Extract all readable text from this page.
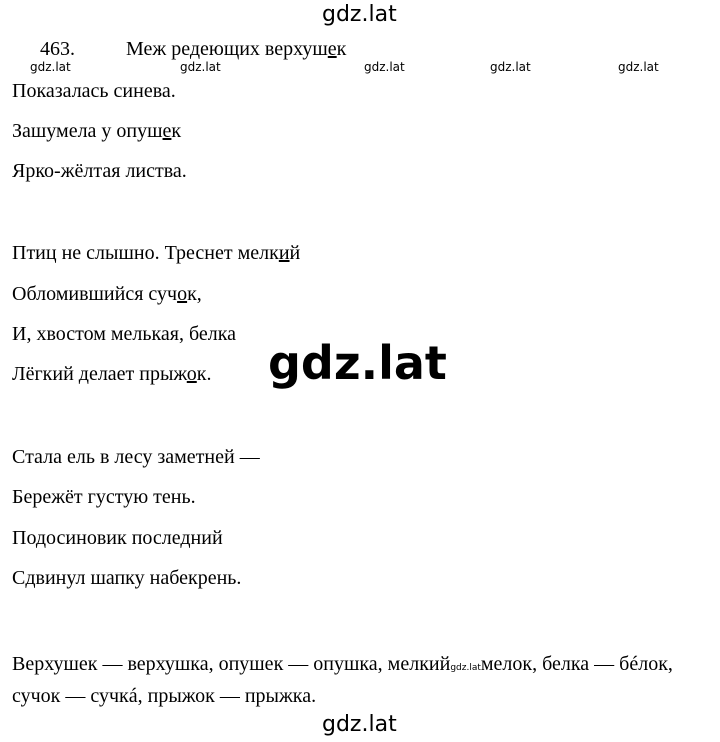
gdz.lat
gdz.lat	gdz.lat	gdz.lat	gdz.lat	gdz.lat
463.	Меж редеющих верхушек
Показалась синева.
Зашумела у опушек
Ярко-жёлтая листва.
Птиц не слышно. Треснет мелкий
Обломившийся сучок,
И, хвостом мелькая, белка
Лёгкий делает прыжок.
Стала ель в лесу заметней —
Бережёт густую тень.
Подосиновик последний
Сдвинул шапку набекрень.
gdz.lat
Верхушек — верхушка, опушек — опушка, мелкийgdz.latмелок, белка — бéлок, сучок — сучкá, прыжок — прыжка.
gdz.lat
